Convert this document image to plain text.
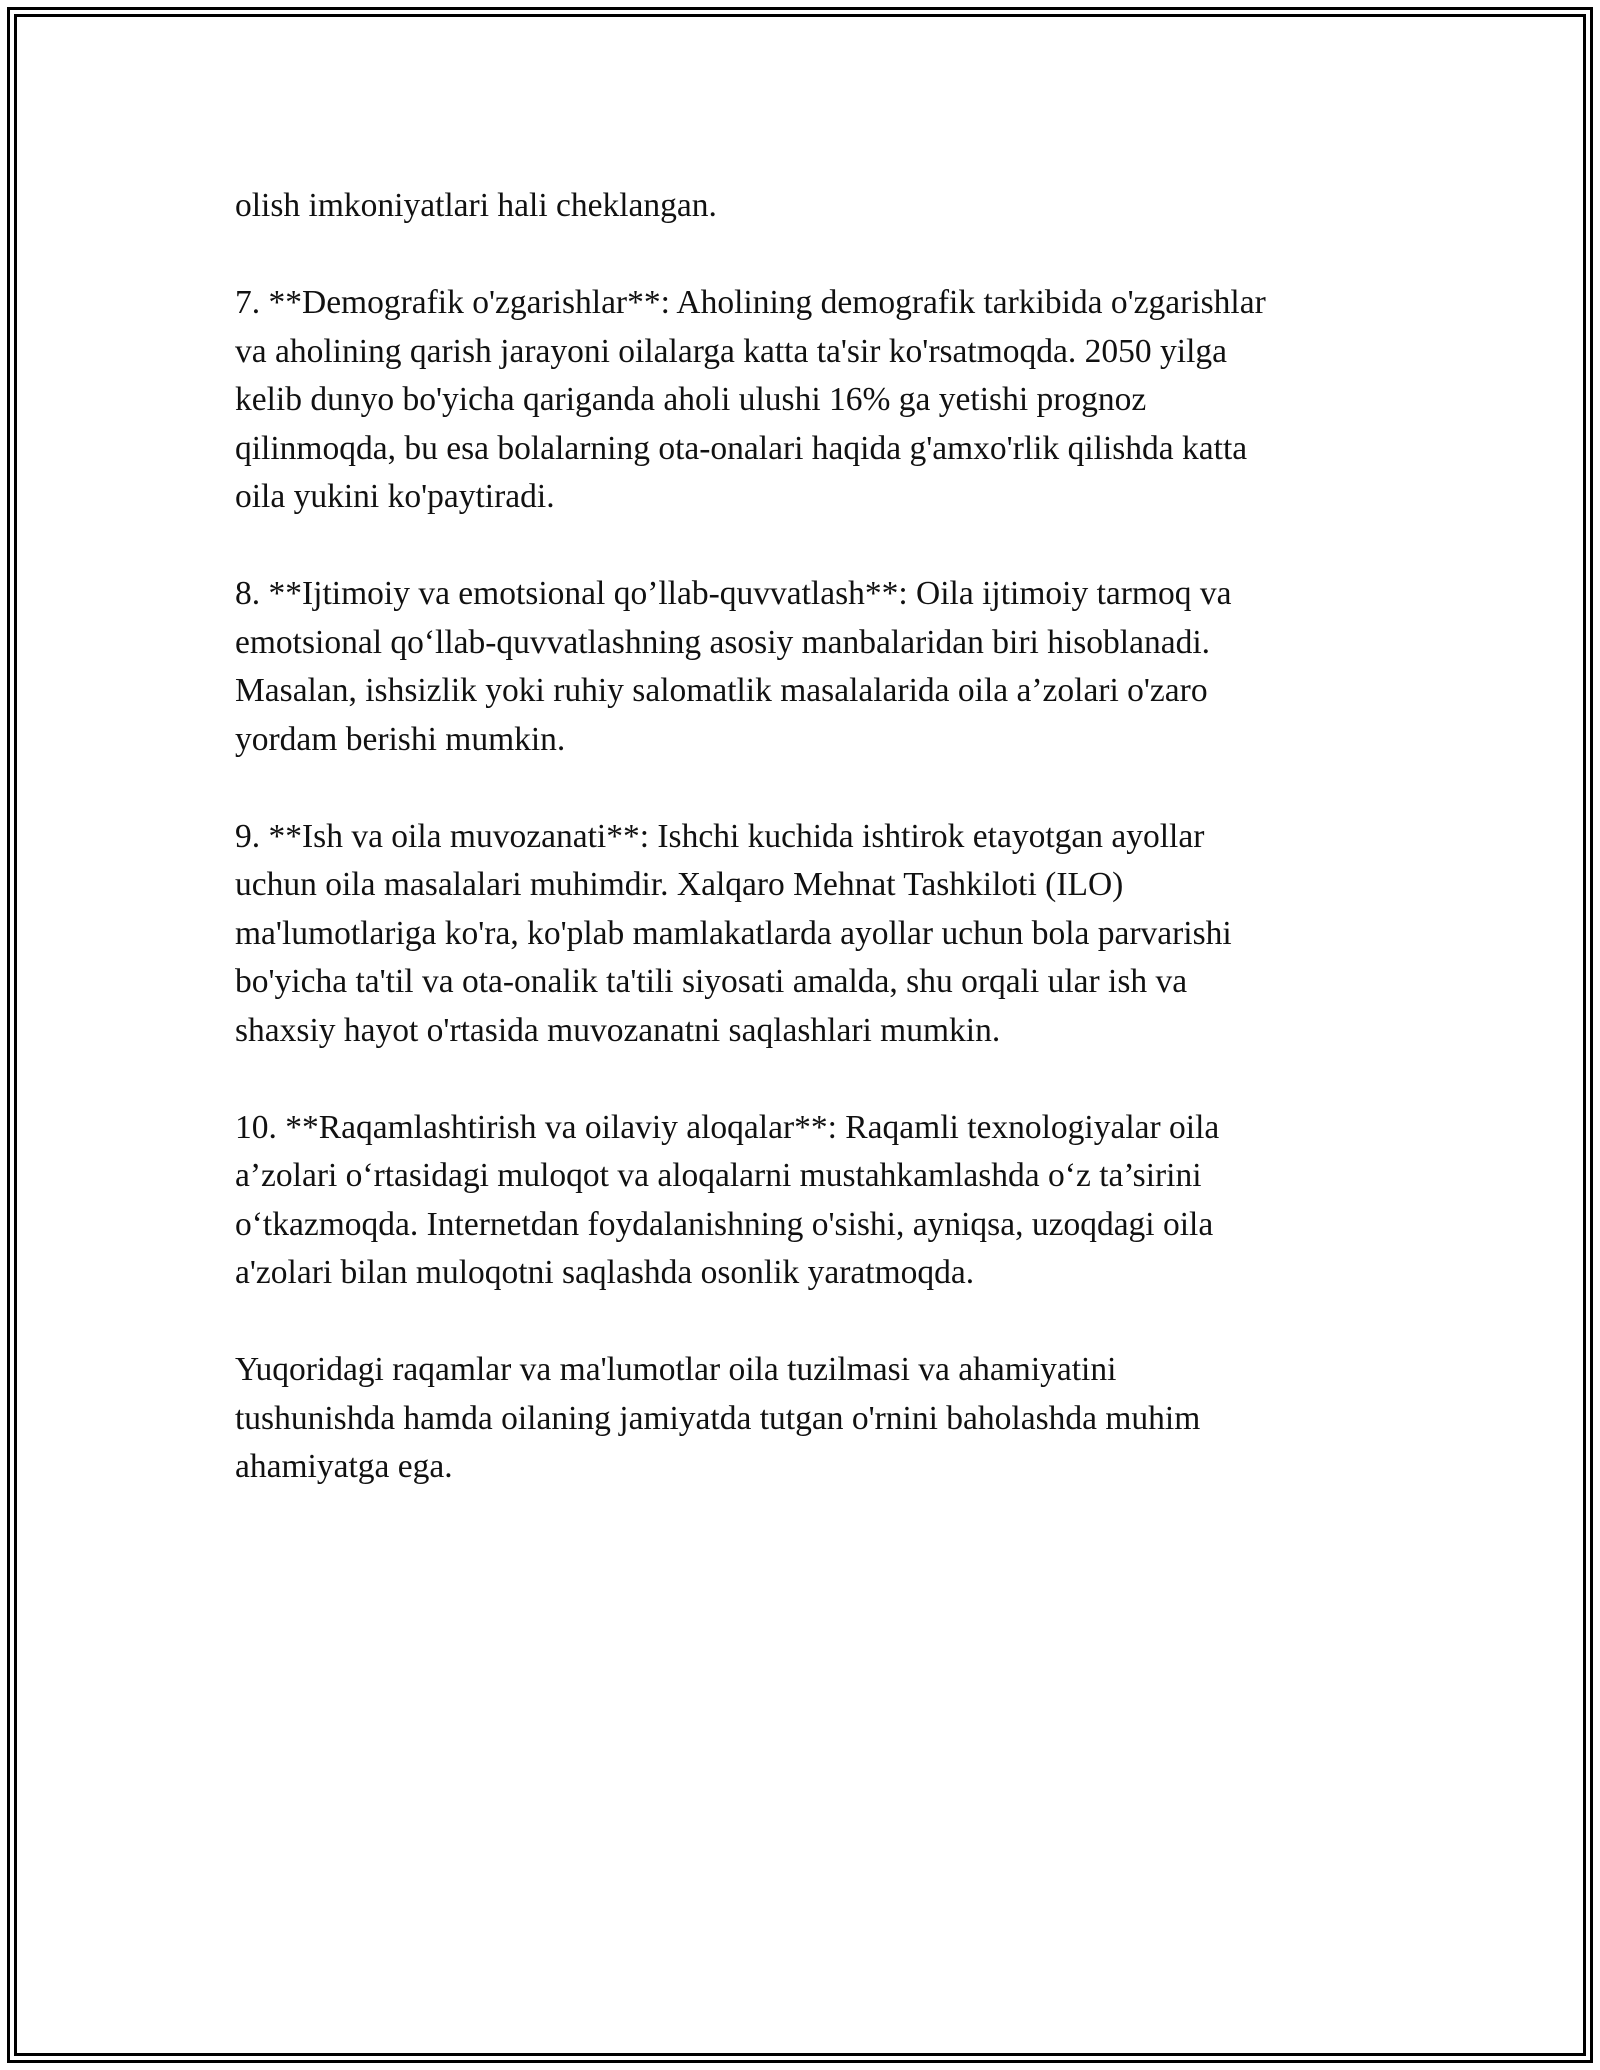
olish imkoniyatlari hali cheklangan.

7. **Demografik o'zgarishlar**: Aholining demografik tarkibida o'zgarishlar
va aholining qarish jarayoni oilalarga katta ta'sir ko'rsatmoqda. 2050 yilga
kelib dunyo bo'yicha qariganda aholi ulushi 16% ga yetishi prognoz
qilinmoqda, bu esa bolalarning ota-onalari haqida g'amxo'rlik qilishda katta
oila yukini ko'paytiradi.

8. **Ijtimoiy va emotsional qo’llab-quvvatlash**: Oila ijtimoiy tarmoq va
emotsional qo‘llab-quvvatlashning asosiy manbalaridan biri hisoblanadi.
Masalan, ishsizlik yoki ruhiy salomatlik masalalarida oila a’zolari o'zaro
yordam berishi mumkin.

9. **Ish va oila muvozanati**: Ishchi kuchida ishtirok etayotgan ayollar
uchun oila masalalari muhimdir. Xalqaro Mehnat Tashkiloti (ILO)
ma'lumotlariga ko'ra, ko'plab mamlakatlarda ayollar uchun bola parvarishi
bo'yicha ta'til va ota-onalik ta'tili siyosati amalda, shu orqali ular ish va
shaxsiy hayot o'rtasida muvozanatni saqlashlari mumkin.

10. **Raqamlashtirish va oilaviy aloqalar**: Raqamli texnologiyalar oila
a’zolari o‘rtasidagi muloqot va aloqalarni mustahkamlashda o‘z ta’sirini
o‘tkazmoqda. Internetdan foydalanishning o'sishi, ayniqsa, uzoqdagi oila
a'zolari bilan muloqotni saqlashda osonlik yaratmoqda.

Yuqoridagi raqamlar va ma'lumotlar oila tuzilmasi va ahamiyatini
tushunishda hamda oilaning jamiyatda tutgan o'rnini baholashda muhim
ahamiyatga ega.
